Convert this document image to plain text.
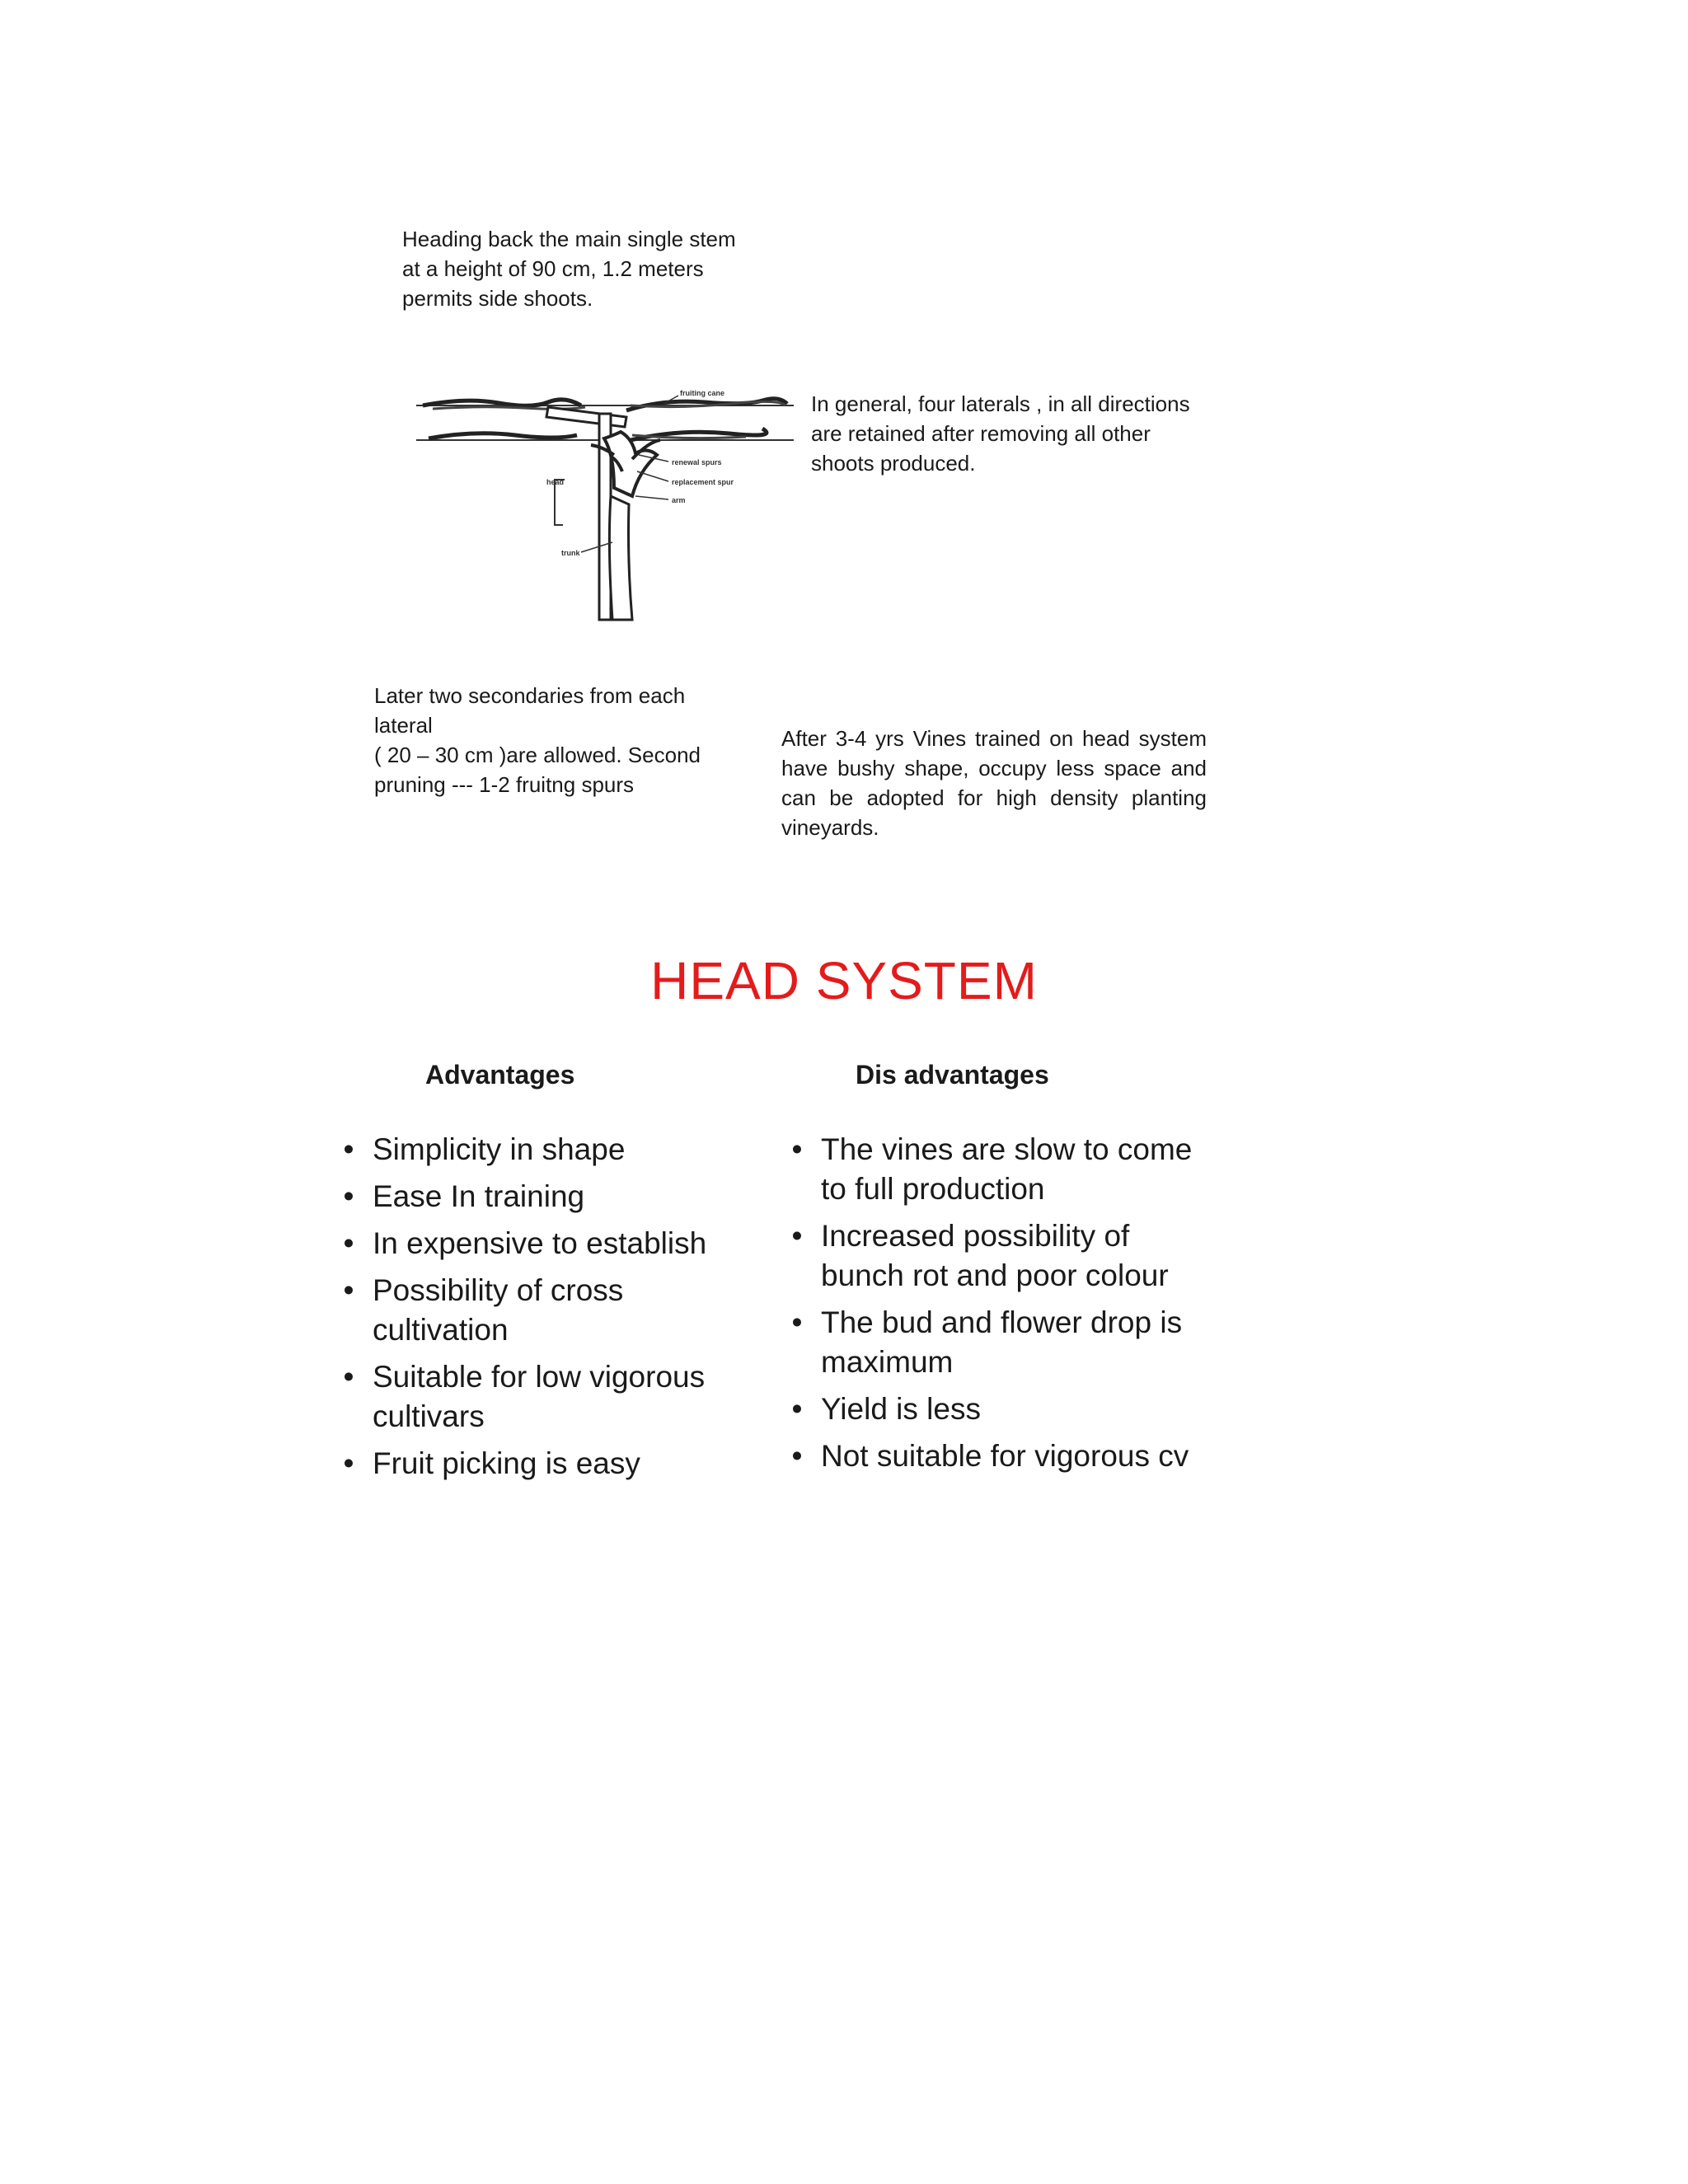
Heading back the main single stem
at a height of 90 cm, 1.2 meters
permits side shoots.

fruiting cane
renewal spurs
replacement spur
arm
head
trunk

In general, four laterals , in all directions
are retained after removing all other
shoots produced.

Later two secondaries from each
lateral
( 20 – 30 cm )are allowed. Second
pruning --- 1-2 fruitng spurs

After 3-4 yrs Vines trained on head system have bushy shape, occupy less space and can be adopted for high density planting vineyards.

HEAD SYSTEM
Advantages
• Simplicity in shape
• Ease In training
• In expensive to establish
• Possibility of cross
cultivation
• Suitable for low vigorous
cultivars
• Fruit picking is easy
Dis advantages
• The vines are slow to come
to full production
• Increased possibility of
bunch rot and poor colour
• The bud and flower drop is
maximum
• Yield is less
• Not suitable for vigorous cv
